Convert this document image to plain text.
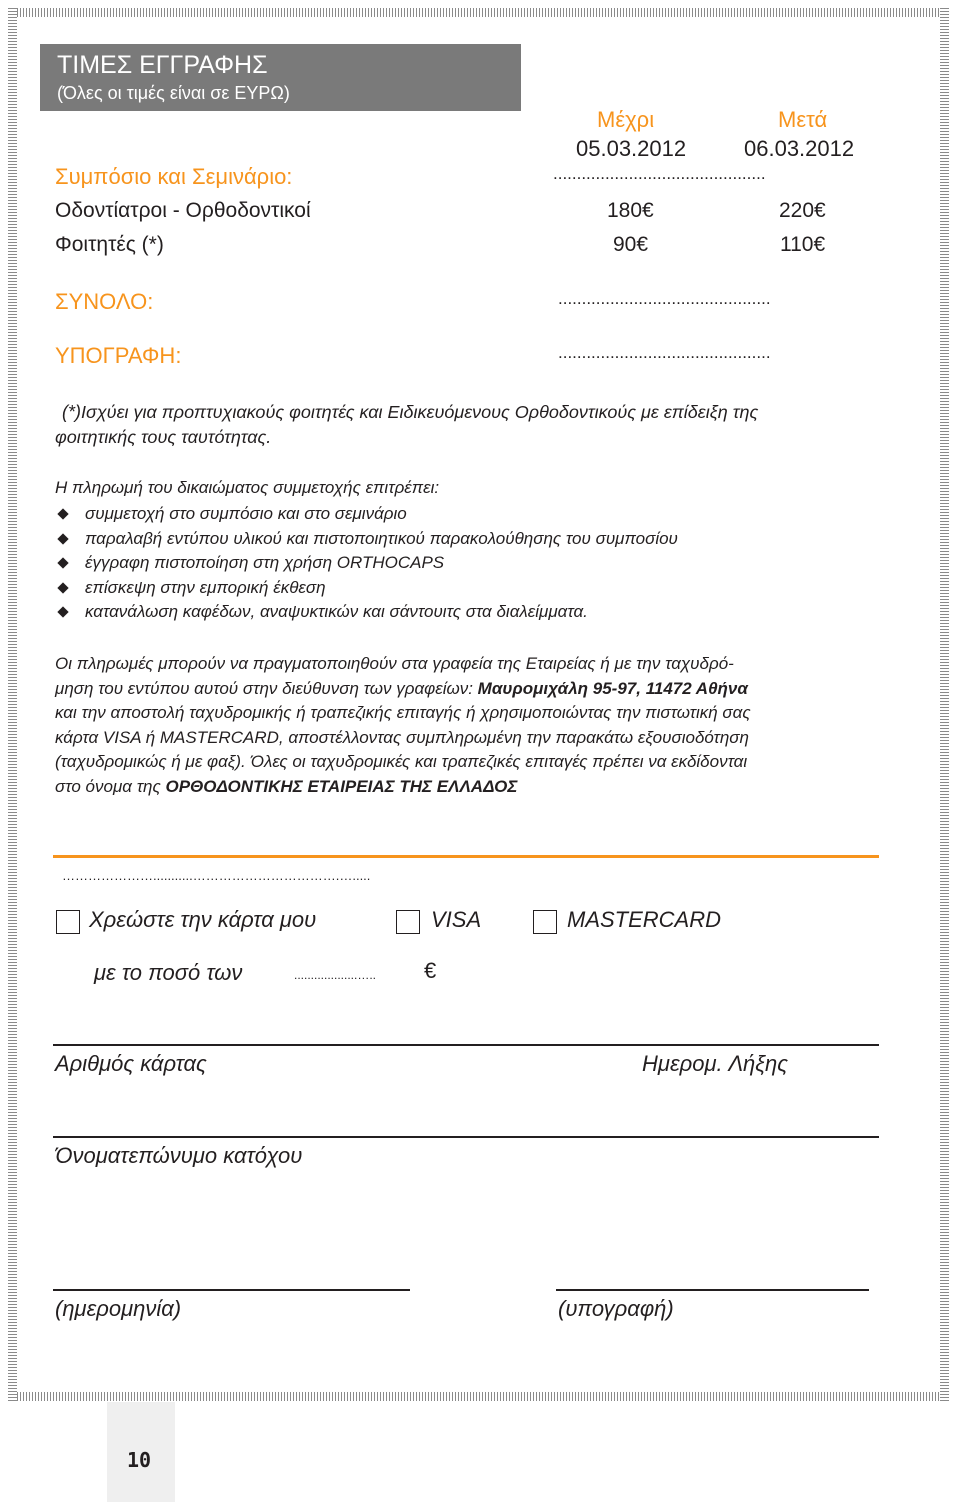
ΤΙΜΕΣ ΕΓΓΡΑΦΗΣ
(Όλες οι τιμές είναι σε ΕΥΡΩ)
Μέχρι	Μετά
05.03.2012	06.03.2012
Συμπόσιο και Σεμινάριο:	.............................................
Οδοντίατροι - Ορθοδοντικοί	180€	220€
Φοιτητές (*)	90€	110€
ΣΥΝΟΛΟ:	.............................................
ΥΠΟΓΡΑΦΗ:	.............................................
(*)Ισχύει για προπτυχιακούς φοιτητές και Ειδικευόμενους Ορθοδοντικούς με επίδειξη της
φοιτητικής τους ταυτότητας.
Η πληρωμή του δικαιώματος συμμετοχής επιτρέπει:
συμμετοχή στο συμπόσιο και στο σεμινάριο
παραλαβή εντύπου υλικού και πιστοποιητικού παρακολούθησης του συμποσίου
έγγραφη πιστοποίηση στη χρήση ORTHOCAPS
επίσκεψη στην εμπορική έκθεση
κατανάλωση καφέδων, αναψυκτικών και σάντουιτς στα διαλείμματα.
Οι πληρωμές μπορούν να πραγματοποιηθούν στα γραφεία της Εταιρείας ή με την ταχυδρό-
μηση του εντύπου αυτού στην διεύθυνση των γραφείων: Μαυρομιχάλη 95-97, 11472 Αθήνα
και την αποστολή ταχυδρομικής ή τραπεζικής επιταγής ή χρησιμοποιώντας την πιστωτική σας
κάρτα VISA ή MASTERCARD, αποστέλλοντας συμπληρωμένη την παρακάτω εξουσιοδότηση
(ταχυδρομικώς ή με φαξ). Όλες οι ταχυδρομικές και τραπεζικές επιταγές πρέπει να εκδίδονται
στο όνομα της ΟΡΘΟΔΟΝΤΙΚΗΣ ΕΤΑΙΡΕΙΑΣ ΤΗΣ ΕΛΛΑΔΟΣ
…………………...........…………………………….….....
Χρεώστε την κάρτα μου	VISA	MASTERCARD
με το ποσό των	...................….. €
Αριθμός κάρτας	Ημερομ. Λήξης
Όνοματεπώνυμο κατόχου
(ημερομηνία)	(υπογραφή)
10
